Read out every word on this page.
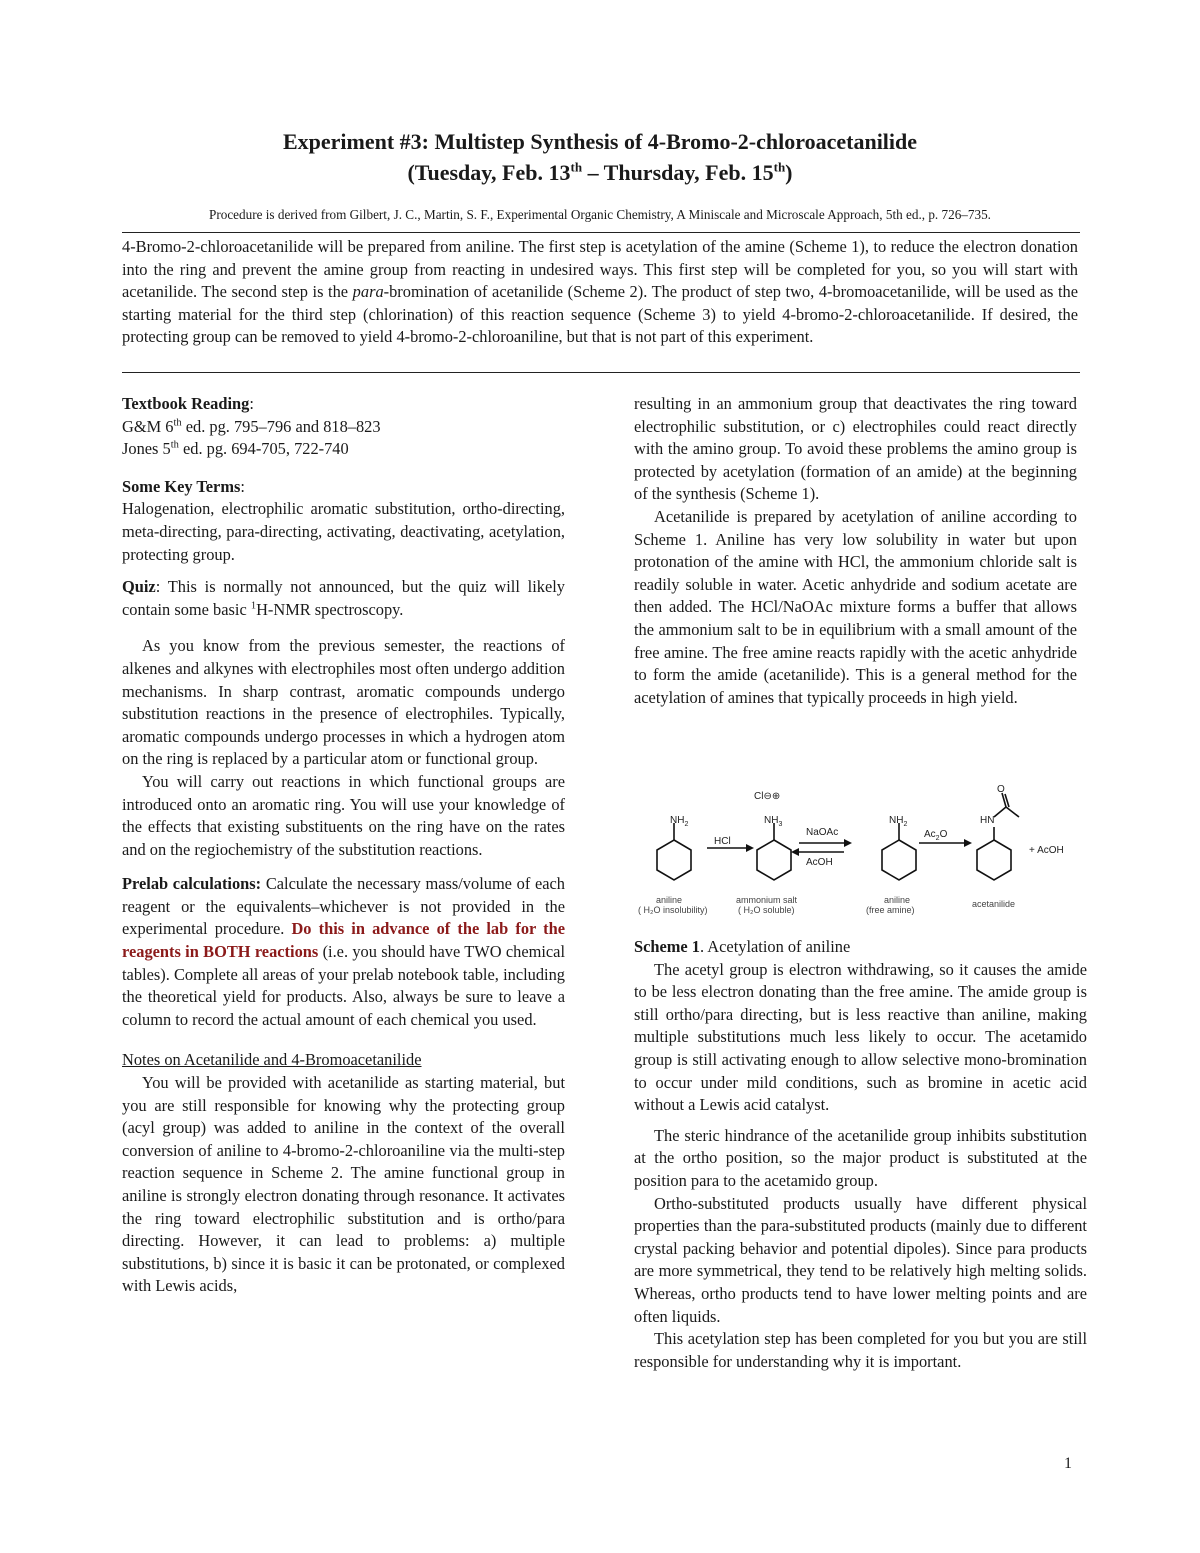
Experiment #3: Multistep Synthesis of 4-Bromo-2-chloroacetanilide
(Tuesday, Feb. 13th – Thursday, Feb. 15th)
Procedure is derived from Gilbert, J. C., Martin, S. F., Experimental Organic Chemistry, A Miniscale and Microscale Approach, 5th ed., p. 726–735.
4-Bromo-2-chloroacetanilide will be prepared from aniline. The first step is acetylation of the amine (Scheme 1), to reduce the electron donation into the ring and prevent the amine group from reacting in undesired ways. This first step will be completed for you, so you will start with acetanilide. The second step is the para-bromination of acetanilide (Scheme 2). The product of step two, 4-bromoacetanilide, will be used as the starting material for the third step (chlorination) of this reaction sequence (Scheme 3) to yield 4-bromo-2-chloroacetanilide. If desired, the protecting group can be removed to yield 4-bromo-2-chloroaniline, but that is not part of this experiment.

Textbook Reading:

G&M 6th ed. pg. 795–796 and 818–823

Jones 5th ed. pg. 694-705, 722-740

Some Key Terms:

Halogenation, electrophilic aromatic substitution, ortho-directing, meta-directing, para-directing, activating, deactivating, acetylation, protecting group.

Quiz: This is normally not announced, but the quiz will likely contain some basic $^1$H-NMR spectroscopy.

As you know from the previous semester, the reactions of alkenes and alkynes with electrophiles most often undergo addition mechanisms. In sharp contrast, aromatic compounds undergo substitution reactions in the presence of electrophiles. Typically, aromatic compounds undergo processes in which a hydrogen atom on the ring is replaced by a particular atom or functional group.

You will carry out reactions in which functional groups are introduced onto an aromatic ring. You will use your knowledge of the effects that existing substituents on the ring have on the rates and on the regiochemistry of the substitution reactions.

Prelab calculations: Calculate the necessary mass/volume of each reagent or the equivalents–whichever is not provided in the experimental procedure. Do this in advance of the lab for the reagents in BOTH reactions (i.e. you should have TWO chemical tables). Complete all areas of your prelab notebook table, including the theoretical yield for products. Also, always be sure to leave a column to record the actual amount of each chemical you used.

Notes on Acetanilide and 4-Bromoacetanilide

You will be provided with acetanilide as starting material, but you are still responsible for knowing why the protecting group (acyl group) was added to aniline in the context of the overall conversion of aniline to 4-bromo-2-chloroaniline via the multi-step reaction sequence in Scheme 2. The amine functional group in aniline is strongly electron donating through resonance. It activates the ring toward electrophilic substitution and is ortho/para directing. However, it can lead to problems: a) multiple substitutions, b) since it is basic it can be protonated, or complexed with Lewis acids,

resulting in an ammonium group that deactivates the ring toward electrophilic substitution, or c) electrophiles could react directly with the amino group. To avoid these problems the amino group is protected by acetylation (formation of an amide) at the beginning of the synthesis (Scheme 1).

Acetanilide is prepared by acetylation of aniline according to Scheme 1. Aniline has very low solubility in water but upon protonation of the amine with HCl, the ammonium chloride salt is readily soluble in water. Acetic anhydride and sodium acetate are then added. The HCl/NaOAc mixture forms a buffer that allows the ammonium salt to be in equilibrium with a small amount of the free amine. The free amine reacts rapidly with the acetic anhydride to form the amide (acetanilide). This is a general method for the acetylation of amines that typically proceeds in high yield.

$NH_2$
Cl⊖⊕
$NH_3$
HCl
NaOAc
AcOH
$NH_2$
$Ac_2O$
HN
O
+ AcOH
aniline
( H₂O insolubility)
ammonium salt
( H₂O soluble)
aniline
(free amine)
acetanilide

Scheme 1. Acetylation of aniline

The acetyl group is electron withdrawing, so it causes the amide to be less electron donating than the free amine. The amide group is still ortho/para directing, but is less reactive than aniline, making multiple substitutions much less likely to occur. The acetamido group is still activating enough to allow selective mono-bromination to occur under mild conditions, such as bromine in acetic acid without a Lewis acid catalyst.

The steric hindrance of the acetanilide group inhibits substitution at the ortho position, so the major product is substituted at the position para to the acetamido group.

Ortho-substituted products usually have different physical properties than the para-substituted products (mainly due to different crystal packing behavior and potential dipoles). Since para products are more symmetrical, they tend to be relatively high melting solids. Whereas, ortho products tend to have lower melting points and are often liquids.

This acetylation step has been completed for you but you are still responsible for understanding why it is important.

1
